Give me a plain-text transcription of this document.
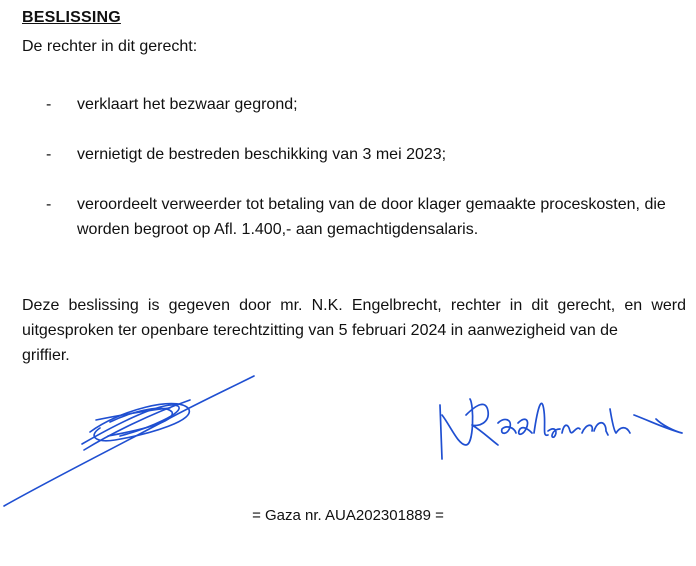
BESLISSING

De rechter in dit gerecht:

- verklaart het bezwaar gegrond;
- vernietigt de bestreden beschikking van 3 mei 2023;
- veroordeelt verweerder tot betaling van de door klager gemaakte proceskosten, die worden begroot op Afl. 1.400,- aan gemachtigdensalaris.

Deze beslissing is gegeven door mr. N.K. Engelbrecht, rechter in dit gerecht, en werd uitgesproken ter openbare terechtzitting van 5 februari 2024 in aanwezigheid van de

griffier.

= Gaza nr. AUA202301889 =
